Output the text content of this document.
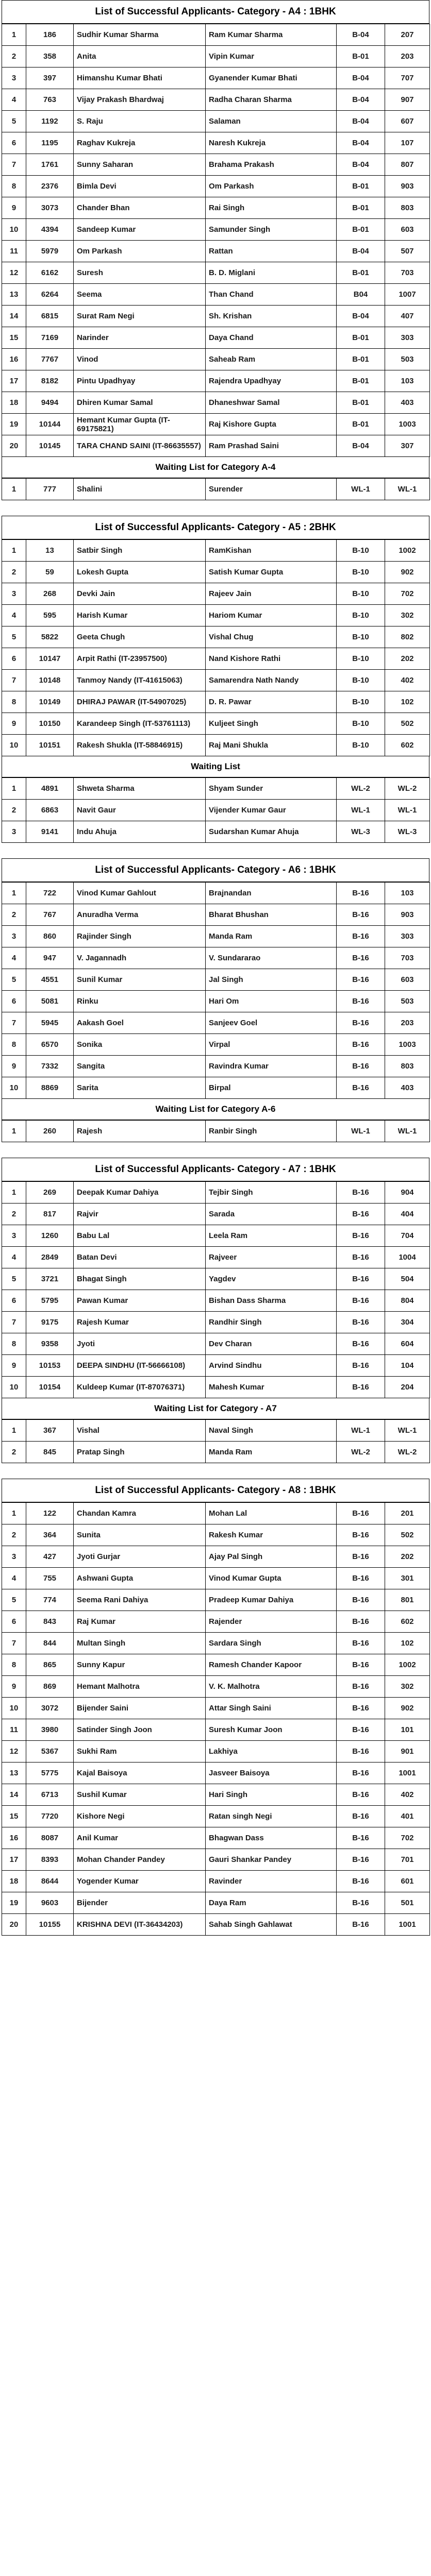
List of Successful Applicants- Category - A4 : 1BHK
1	186	Sudhir Kumar Sharma	Ram Kumar Sharma	B-04	207
2	358	Anita	Vipin Kumar	B-01	203
3	397	Himanshu Kumar Bhati	Gyanender Kumar Bhati	B-04	707
4	763	Vijay Prakash Bhardwaj	Radha Charan Sharma	B-04	907
5	1192	S. Raju	Salaman	B-04	607
6	1195	Raghav Kukreja	Naresh Kukreja	B-04	107
7	1761	Sunny Saharan	Brahama Prakash	B-04	807
8	2376	Bimla Devi	Om Parkash	B-01	903
9	3073	Chander Bhan	Rai Singh	B-01	803
10	4394	Sandeep Kumar	Samunder Singh	B-01	603
11	5979	Om Parkash	Rattan	B-04	507
12	6162	Suresh	B. D. Miglani	B-01	703
13	6264	Seema	Than Chand	B04	1007
14	6815	Surat Ram Negi	Sh. Krishan	B-04	407
15	7169	Narinder	Daya Chand	B-01	303
16	7767	Vinod	Saheab Ram	B-01	503
17	8182	Pintu Upadhyay	Rajendra Upadhyay	B-01	103
18	9494	Dhiren Kumar Samal	Dhaneshwar Samal	B-01	403
19	10144	Hemant Kumar Gupta (IT-69175821)	Raj Kishore Gupta	B-01	1003
20	10145	TARA CHAND SAINI (IT-86635557)	Ram Prashad Saini	B-04	307
Waiting List for Category A-4
1	777	Shalini	Surender	WL-1	WL-1
List of Successful Applicants- Category - A5 : 2BHK
1	13	Satbir Singh	RamKishan	B-10	1002
2	59	Lokesh Gupta	Satish Kumar Gupta	B-10	902
3	268	Devki Jain	Rajeev Jain	B-10	702
4	595	Harish Kumar	Hariom Kumar	B-10	302
5	5822	Geeta Chugh	Vishal Chug	B-10	802
6	10147	Arpit Rathi (IT-23957500)	Nand Kishore Rathi	B-10	202
7	10148	Tanmoy Nandy (IT-41615063)	Samarendra Nath Nandy	B-10	402
8	10149	DHIRAJ PAWAR (IT-54907025)	D. R. Pawar	B-10	102
9	10150	Karandeep Singh (IT-53761113)	Kuljeet Singh	B-10	502
10	10151	Rakesh Shukla (IT-58846915)	Raj Mani Shukla	B-10	602
Waiting List
1	4891	Shweta Sharma	Shyam Sunder	WL-2	WL-2
2	6863	Navit Gaur	Vijender Kumar Gaur	WL-1	WL-1
3	9141	Indu Ahuja	Sudarshan Kumar Ahuja	WL-3	WL-3
List of Successful Applicants- Category - A6 : 1BHK
1	722	Vinod Kumar Gahlout	Brajnandan	B-16	103
2	767	Anuradha Verma	Bharat Bhushan	B-16	903
3	860	Rajinder Singh	Manda Ram	B-16	303
4	947	V. Jagannadh	V. Sundararao	B-16	703
5	4551	Sunil Kumar	Jal Singh	B-16	603
6	5081	Rinku	Hari Om	B-16	503
7	5945	Aakash Goel	Sanjeev Goel	B-16	203
8	6570	Sonika	Virpal	B-16	1003
9	7332	Sangita	Ravindra Kumar	B-16	803
10	8869	Sarita	Birpal	B-16	403
Waiting List for Category A-6
1	260	Rajesh	Ranbir Singh	WL-1	WL-1
List of Successful Applicants- Category - A7 : 1BHK
1	269	Deepak Kumar Dahiya	Tejbir Singh	B-16	904
2	817	Rajvir	Sarada	B-16	404
3	1260	Babu Lal	Leela Ram	B-16	704
4	2849	Batan Devi	Rajveer	B-16	1004
5	3721	Bhagat Singh	Yagdev	B-16	504
6	5795	Pawan Kumar	Bishan Dass Sharma	B-16	804
7	9175	Rajesh Kumar	Randhir Singh	B-16	304
8	9358	Jyoti	Dev Charan	B-16	604
9	10153	DEEPA SINDHU (IT-56666108)	Arvind Sindhu	B-16	104
10	10154	Kuldeep Kumar (IT-87076371)	Mahesh Kumar	B-16	204
Waiting List for Category - A7
1	367	Vishal	Naval Singh	WL-1	WL-1
2	845	Pratap Singh	Manda Ram	WL-2	WL-2
List of Successful Applicants- Category - A8 : 1BHK
1	122	Chandan Kamra	Mohan Lal	B-16	201
2	364	Sunita	Rakesh Kumar	B-16	502
3	427	Jyoti Gurjar	Ajay Pal Singh	B-16	202
4	755	Ashwani Gupta	Vinod Kumar Gupta	B-16	301
5	774	Seema Rani Dahiya	Pradeep Kumar Dahiya	B-16	801
6	843	Raj Kumar	Rajender	B-16	602
7	844	Multan Singh	Sardara Singh	B-16	102
8	865	Sunny Kapur	Ramesh Chander Kapoor	B-16	1002
9	869	Hemant Malhotra	V. K. Malhotra	B-16	302
10	3072	Bijender Saini	Attar Singh Saini	B-16	902
11	3980	Satinder Singh Joon	Suresh Kumar Joon	B-16	101
12	5367	Sukhi Ram	Lakhiya	B-16	901
13	5775	Kajal Baisoya	Jasveer Baisoya	B-16	1001
14	6713	Sushil Kumar	Hari Singh	B-16	402
15	7720	Kishore Negi	Ratan singh Negi	B-16	401
16	8087	Anil Kumar	Bhagwan Dass	B-16	702
17	8393	Mohan Chander Pandey	Gauri Shankar Pandey	B-16	701
18	8644	Yogender Kumar	Ravinder	B-16	601
19	9603	Bijender	Daya Ram	B-16	501
20	10155	KRISHNA DEVI (IT-36434203)	Sahab Singh Gahlawat	B-16	1001
